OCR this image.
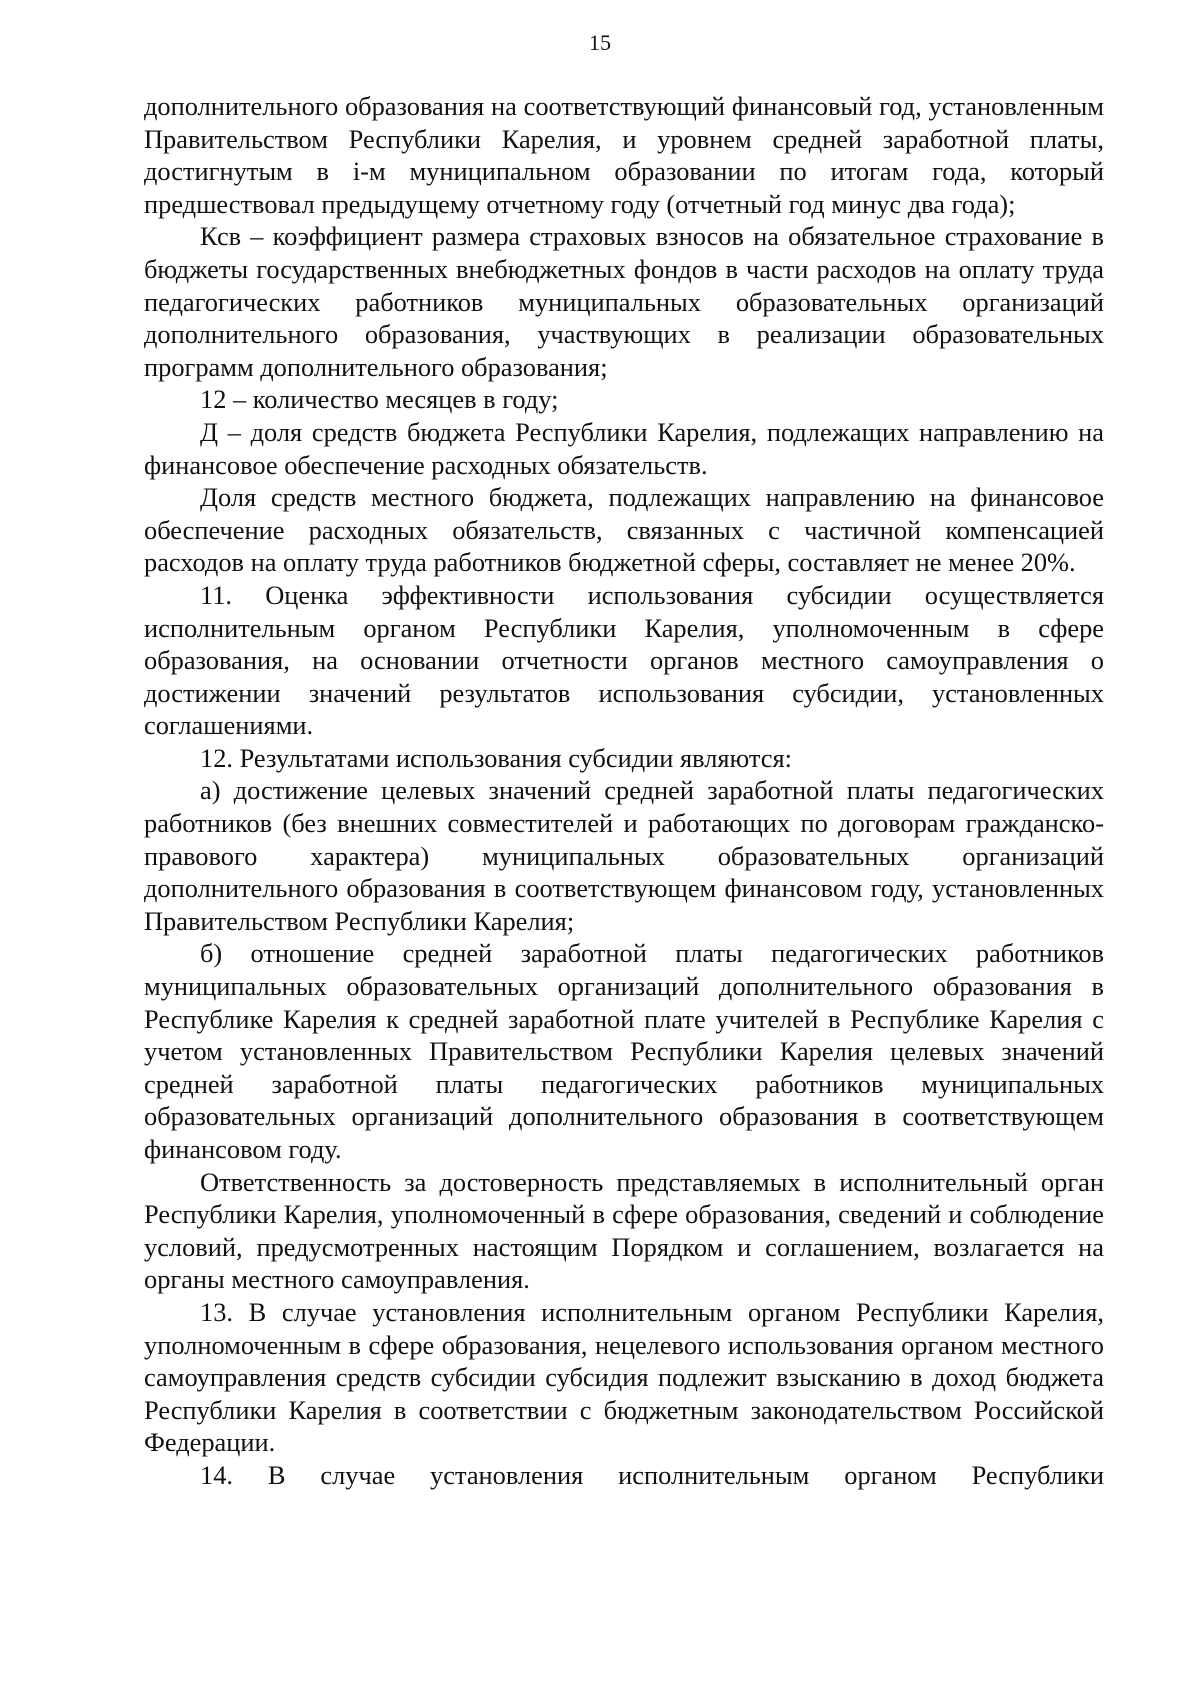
15

дополнительного образования на соответствующий финансовый год, установленным Правительством Республики Карелия, и уровнем средней заработной платы, достигнутым в i-м муниципальном образовании по итогам года, который предшествовал предыдущему отчетному году (отчетный год минус два года);

Ксв – коэффициент размера страховых взносов на обязательное страхование в бюджеты государственных внебюджетных фондов в части расходов на оплату труда педагогических работников муниципальных образовательных организаций дополнительного образования, участвующих в реализации образовательных программ дополнительного образования;

12 – количество месяцев в году;

Д – доля средств бюджета Республики Карелия, подлежащих направлению на финансовое обеспечение расходных обязательств.

Доля средств местного бюджета, подлежащих направлению на финансовое обеспечение расходных обязательств, связанных с частичной компенсацией расходов на оплату труда работников бюджетной сферы, составляет не менее 20%.

11. Оценка эффективности использования субсидии осуществляется исполнительным органом Республики Карелия, уполномоченным в сфере образования, на основании отчетности органов местного самоуправления о достижении значений результатов использования субсидии, установленных соглашениями.

12. Результатами использования субсидии являются:

а) достижение целевых значений средней заработной платы педагогических работников (без внешних совместителей и работающих по договорам гражданско-правового характера) муниципальных образовательных организаций дополнительного образования в соответствующем финансовом году, установленных Правительством Республики Карелия;

б) отношение средней заработной платы педагогических работников муниципальных образовательных организаций дополнительного образования в Республике Карелия к средней заработной плате учителей в Республике Карелия с учетом установленных Правительством Республики Карелия целевых значений средней заработной платы педагогических работников муниципальных образовательных организаций дополнительного образования в соответствующем финансовом году.

Ответственность за достоверность представляемых в исполнительный орган Республики Карелия, уполномоченный в сфере образования, сведений и соблюдение условий, предусмотренных настоящим Порядком и соглашением, возлагается на органы местного самоуправления.

13. В случае установления исполнительным органом Республики Карелия, уполномоченным в сфере образования, нецелевого использования органом местного самоуправления средств субсидии субсидия подлежит взысканию в доход бюджета Республики Карелия в соответствии с бюджетным законодательством Российской Федерации.

14. В случае установления исполнительным органом Республики
